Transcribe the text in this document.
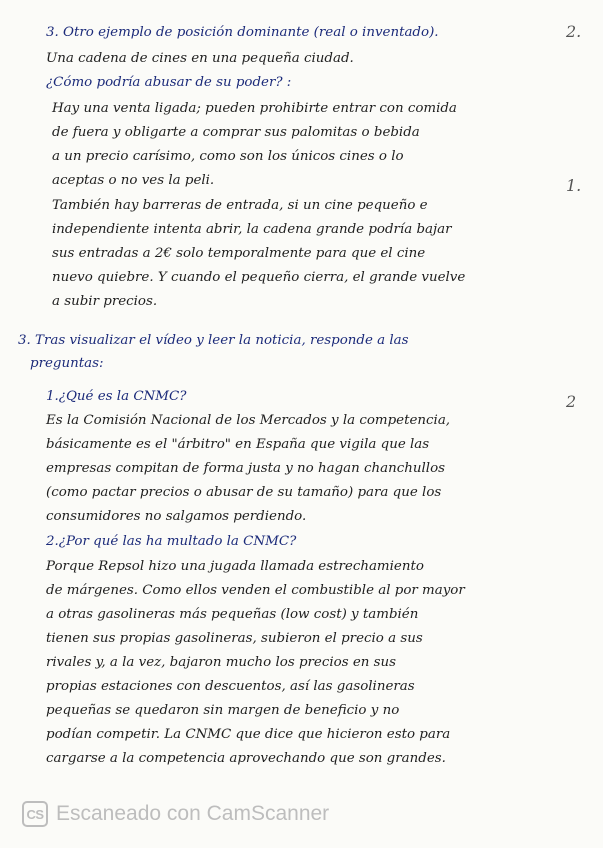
3. Otro ejemplo de posición dominante (real o inventado).
Una cadena de cines en una pequeña ciudad.
¿Cómo podría abusar de su poder? :
Hay una venta ligada; pueden prohibirte entrar con comida
de fuera y obligarte a comprar sus palomitas o bebida
a un precio carísimo, como son los únicos cines o lo
aceptas o no ves la peli.
También hay barreras de entrada, si un cine pequeño e
independiente intenta abrir, la cadena grande podría bajar
sus entradas a 2€ solo temporalmente para que el cine
nuevo quiebre. Y cuando el pequeño cierra, el grande vuelve
a subir precios.
3. Tras visualizar el vídeo y leer la noticia, responde a las
preguntas:
1.¿Qué es la CNMC?
Es la Comisión Nacional de los Mercados y la competencia,
básicamente es el "árbitro" en España que vigila que las
empresas compitan de forma justa y no hagan chanchullos
(como pactar precios o abusar de su tamaño) para que los
consumidores no salgamos perdiendo.
2.¿Por qué las ha multado la CNMC?
Porque Repsol hizo una jugada llamada estrechamiento
de márgenes. Como ellos venden el combustible al por mayor
a otras gasolineras más pequeñas (low cost) y también
tienen sus propias gasolineras, subieron el precio a sus
rivales y, a la vez, bajaron mucho los precios en sus
propias estaciones con descuentos, así las gasolineras
pequeñas se quedaron sin margen de beneficio y no
podían competir. La CNMC que dice que hicieron esto para
cargarse a la competencia aprovechando que son grandes.
2.
1.
2
CS Escaneado con CamScanner
